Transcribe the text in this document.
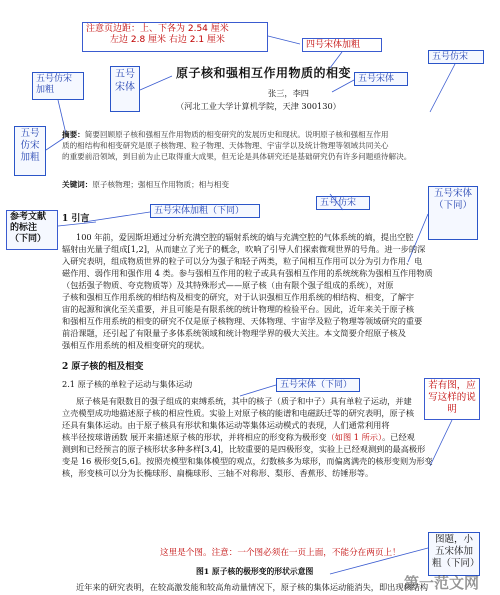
注意页边距：上、下各为 2.54 厘米
左边 2.8 厘米 右边 2.1 厘米	四号宋体加粗
五号仿宋
五号仿宋加粗
五号宋体
五号宋体
五号仿宋加粗
参考文献的标注（下同）
五号宋体加粗（下同）
五号仿宋
五号宋体（下同）
五号宋体（下同）	若有图，应写这样的说明
图题，小五宋体加粗（下同）
原子核和强相互作用物质的相变
张三，李四
（河北工业大学计算机学院，天津 300130）
摘要：简要回顾原子核和强相互作用物质的相变研究的发展历史和现状。说明原子核和强相互作用
质的相结构和相变研究是原子核物理、粒子物理、天体物理、宇宙学以及统计物理等领域共同关心
的重要前沿领域，到目前为止已取得重大成果，但无论是具体研究还是基础研究仍有许多问题亟待解决。
关键词：原子核物理；强相互作用物质；相与相变
1 引言
100 年前，爱因斯坦通过分析充满空腔的辐射系统的熵与充满空腔的气体系统的熵，提出空腔
辐射由光量子组成[1,2]，从而建立了光子的概念，吹响了引导人们探索微观世界的号角。进一步的深
入研究表明，组成物质世界的粒子可以分为强子和轻子两类，粒子间相互作用可以分为引力作用、电
磁作用、弱作用和强作用 4 类。参与强相互作用的粒子或具有强相互作用的系统统称为强相互作用物质
（包括强子物质、夸克物质等）及其特殊形式——原子核（由有限个强子组成的系统），对原
子核和强相互作用系统的相结构及相变的研究，对于认识强相互作用系统的相结构、相变，了解宇
宙的起源和演化至关重要，并且可能是有限系统的统计物理的检验平台。因此，近年来关于原子核
和强相互作用系统的相变的研究不仅是原子核物理、天体物理、宇宙学及粒子物理等领域研究的重要
前沿课题，还引起了有限量子多体系统领域和统计物理学界的极大关注。本文简要介绍原子核及
强相互作用系统的相及相变研究的现状。
2 原子核的相及相变
2.1 原子核的单粒子运动与集体运动
原子核是有限数目的强子组成的束缚系统，其中的核子（质子和中子）具有单粒子运动，并建
立壳模型成功地描述原子核的相应性质。实验上对原子核的能谱和电磁跃迁等的研究表明，原子核
还具有集体运动。由于原子核具有形状和集体运动等集体运动模式的表现，人们通常利用将
核半径按球谐函数 展开来描述原子核的形状，并将相应的形变称为极形变（如图 1 所示）。已经观
测到和已经预言的原子核形状多种多样[3,4]，比较重要的是四极形变，实验上已经观测到的最高极形
变是 16 极形变[5,6]。按照壳模型和集体模型的观点，幻数核多为球形，而偏离满壳的核形变则为形变
核，形变核可以分为长椭球形、扁椭球形、三轴不对称形、梨形、香蕉形、纺锤形等。
这里是个图。注意：一个图必须在一页上面，不能分在两页上！
图1 原子核的极形变的形状示意图
近年来的研究表明，在较高激发能和较高角动量情况下，原子核的集体运动能消失，即出现核结构
第一范文网
